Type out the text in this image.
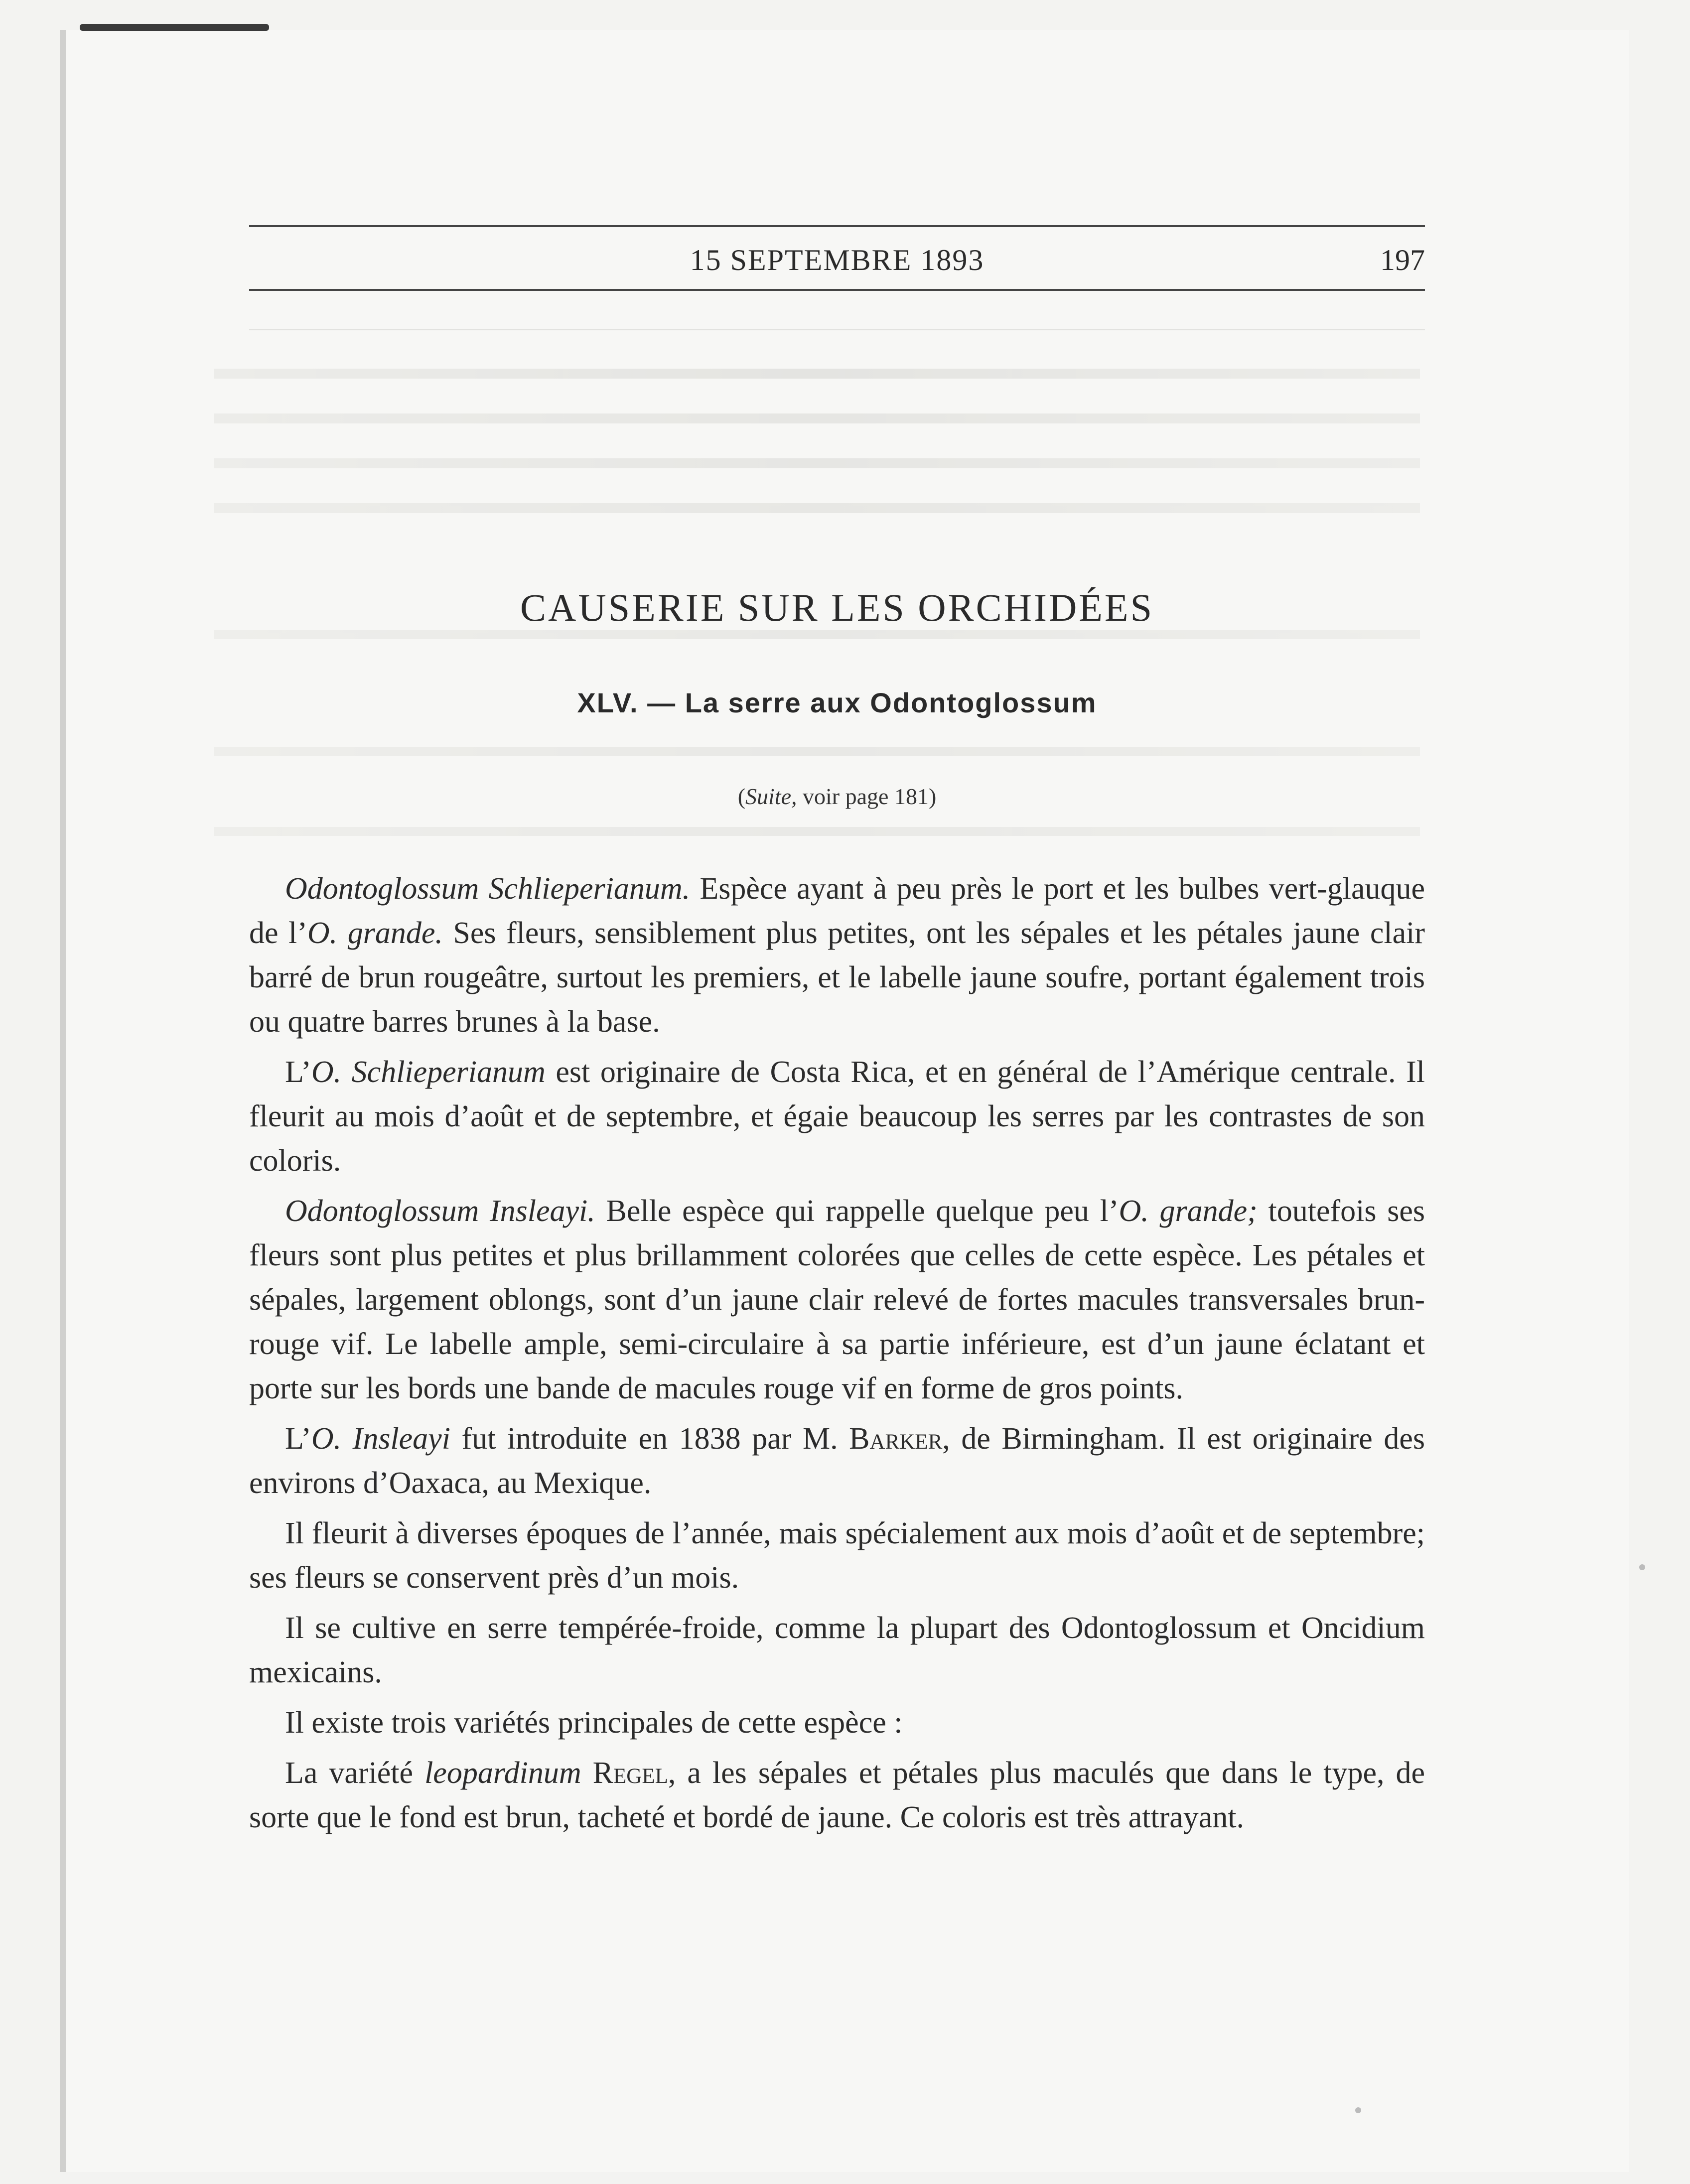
15 SEPTEMBRE 1893	197
CAUSERIE SUR LES ORCHIDÉES
XLV. — La serre aux Odontoglossum
(Suite, voir page 181)

Odontoglossum Schlieperianum. Espèce ayant à peu près le port et les bulbes vert-glauque de l’O. grande. Ses fleurs, sensiblement plus petites, ont les sépales et les pétales jaune clair barré de brun rougeâtre, surtout les premiers, et le labelle jaune soufre, portant également trois ou quatre barres brunes à la base.

L’O. Schlieperianum est originaire de Costa Rica, et en général de l’Amérique centrale. Il fleurit au mois d’août et de septembre, et égaie beaucoup les serres par les contrastes de son coloris.

Odontoglossum Insleayi. Belle espèce qui rappelle quelque peu l’O. grande; toutefois ses fleurs sont plus petites et plus brillamment colorées que celles de cette espèce. Les pétales et sépales, largement oblongs, sont d’un jaune clair relevé de fortes macules transversales brun-rouge vif. Le labelle ample, semi-circulaire à sa partie inférieure, est d’un jaune éclatant et porte sur les bords une bande de macules rouge vif en forme de gros points.

L’O. Insleayi fut introduite en 1838 par M. Barker, de Birmingham. Il est originaire des environs d’Oaxaca, au Mexique.

Il fleurit à diverses époques de l’année, mais spécialement aux mois d’août et de septembre; ses fleurs se conservent près d’un mois.

Il se cultive en serre tempérée-froide, comme la plupart des Odontoglossum et Oncidium mexicains.

Il existe trois variétés principales de cette espèce :

La variété leopardinum Regel, a les sépales et pétales plus maculés que dans le type, de sorte que le fond est brun, tacheté et bordé de jaune. Ce coloris est très attrayant.
